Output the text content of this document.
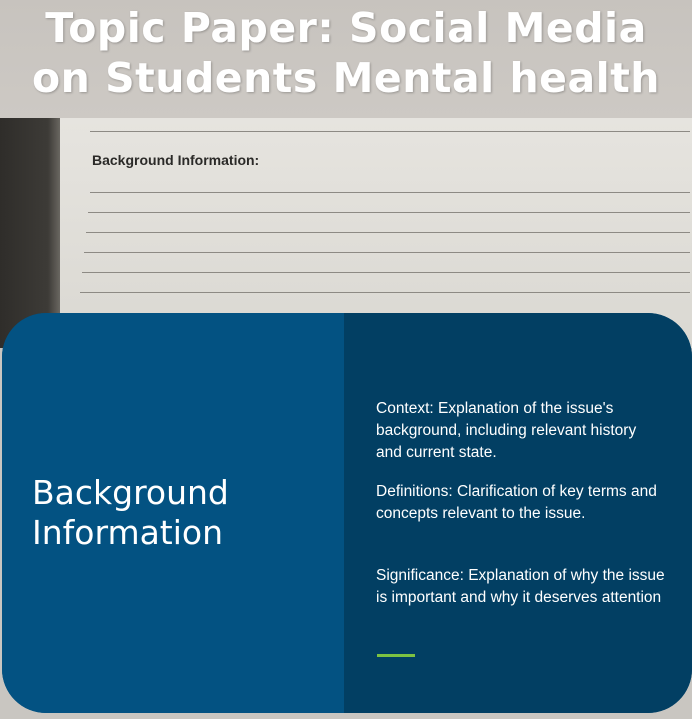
Topic Paper: Social Media
on Students Mental health
Background Information:
Background
Information
Context: Explanation of the issue's background, including relevant history and current state.
Definitions: Clarification of key terms and concepts relevant to the issue.
Significance: Explanation of why the issue is important and why it deserves attention
